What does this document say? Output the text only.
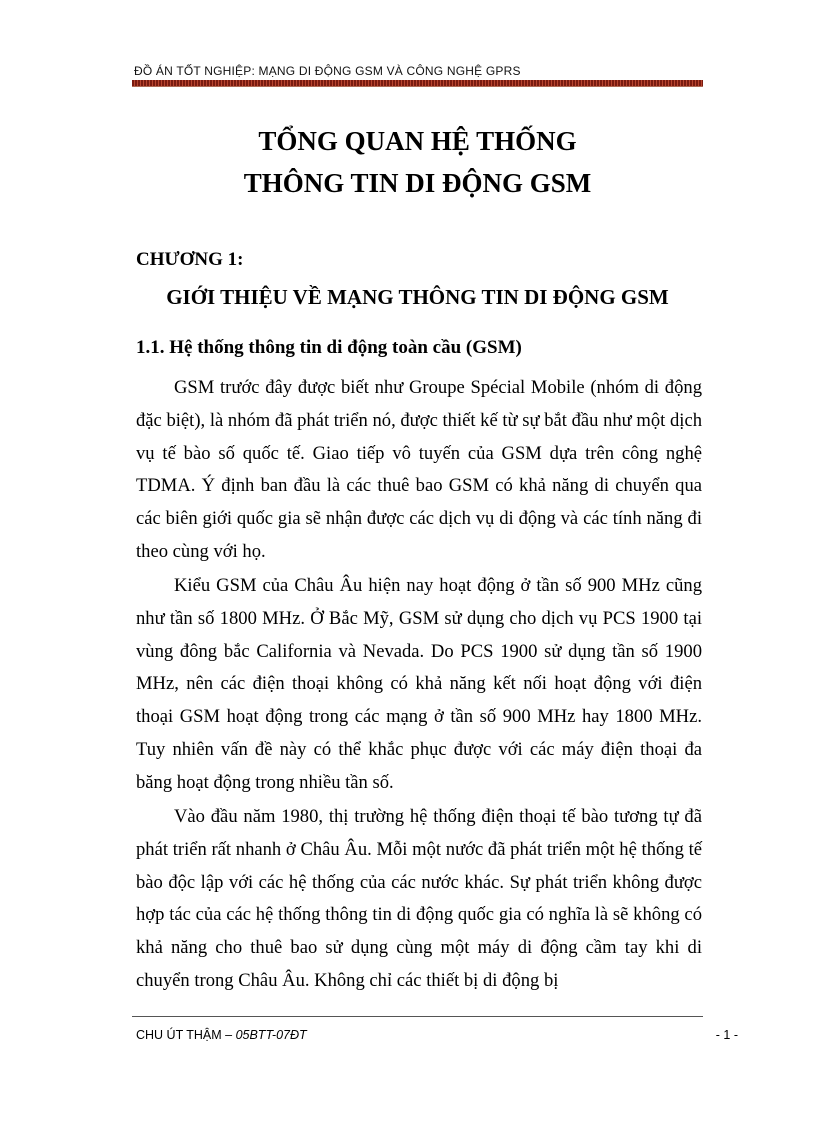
ĐỒ ÁN TỐT NGHIỆP: MẠNG DI ĐỘNG GSM VÀ CÔNG NGHỆ GPRS
TỔNG QUAN HỆ THỐNG
THÔNG TIN DI ĐỘNG GSM
CHƯƠNG 1:
GIỚI THIỆU VỀ MẠNG THÔNG TIN DI ĐỘNG GSM
1.1. Hệ thống thông tin di động toàn cầu (GSM)

GSM trước đây được biết như Groupe Spécial Mobile (nhóm di động đặc biệt), là nhóm đã phát triển nó, được thiết kế từ sự bắt đầu như một dịch vụ tế bào số quốc tế. Giao tiếp vô tuyến của GSM dựa trên công nghệ TDMA. Ý định ban đầu là các thuê bao GSM có khả năng di chuyển qua các biên giới quốc gia sẽ nhận được các dịch vụ di động và các tính năng đi theo cùng với họ.

Kiểu GSM của Châu Âu hiện nay hoạt động ở tần số 900 MHz cũng như tần số 1800 MHz. Ở Bắc Mỹ, GSM sử dụng cho dịch vụ PCS 1900 tại vùng đông bắc California và Nevada. Do PCS 1900 sử dụng tần số 1900 MHz, nên các điện thoại không có khả năng kết nối hoạt động với điện thoại GSM hoạt động trong các mạng ở tần số 900 MHz hay 1800 MHz. Tuy nhiên vấn đề này có thể khắc phục được với các máy điện thoại đa băng hoạt động trong nhiều tần số.

Vào đầu năm 1980, thị trường hệ thống điện thoại tế bào tương tự đã phát triển rất nhanh ở Châu Âu. Mỗi một nước đã phát triển một hệ thống tế bào độc lập với các hệ thống của các nước khác. Sự phát triển không được hợp tác của các hệ thống thông tin di động quốc gia có nghĩa là sẽ không có khả năng cho thuê bao sử dụng cùng một máy di động cầm tay khi di chuyển trong Châu Âu. Không chỉ các thiết bị di động bị

CHU ÚT THẬM – 05BTT-07ĐT	- 1 -
